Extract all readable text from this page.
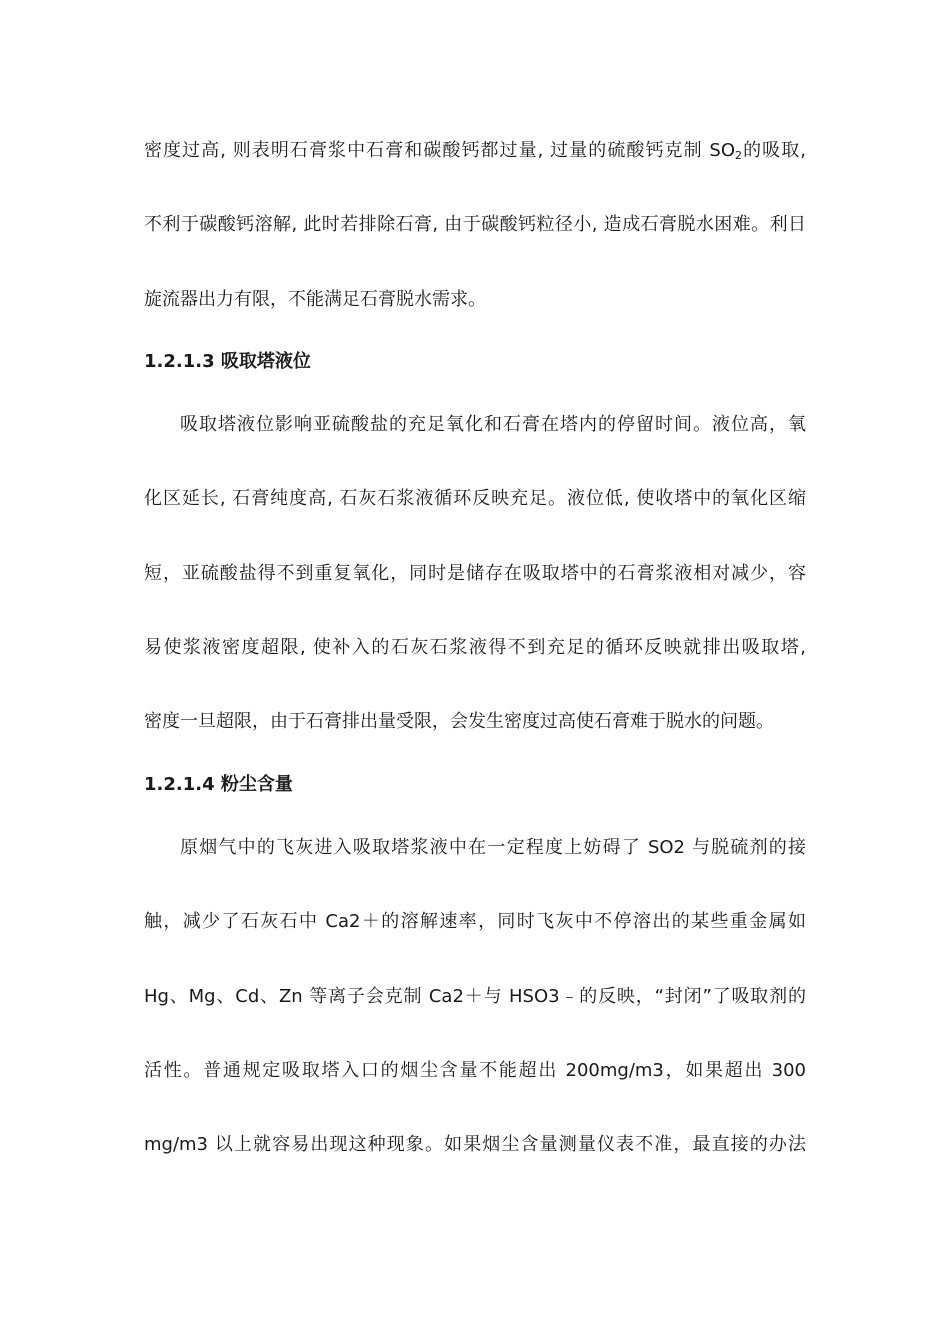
密度过高, 则表明石膏浆中石膏和碳酸钙都过量, 过量的硫酸钙克制 $SO_2$的吸取,
不利于碳酸钙溶解, 此时若排除石膏, 由于碳酸钙粒径小, 造成石膏脱水困难。利日
旋流器出力有限，不能满足石膏脱水需求。
1.2.1.3 吸取塔液位
吸取塔液位影响亚硫酸盐的充足氧化和石膏在塔内的停留时间。液位高，氧
化区延长, 石膏纯度高, 石灰石浆液循环反映充足。液位低, 使收塔中的氧化区缩
短，亚硫酸盐得不到重复氧化，同时是储存在吸取塔中的石膏浆液相对减少，容
易使浆液密度超限, 使补入的石灰石浆液得不到充足的循环反映就排出吸取塔,
密度一旦超限，由于石膏排出量受限，会发生密度过高使石膏难于脱水的问题。
1.2.1.4 粉尘含量
原烟气中的飞灰进入吸取塔浆液中在一定程度上妨碍了 SO2 与脱硫剂的接
触，减少了石灰石中 Ca2＋的溶解速率，同时飞灰中不停溶出的某些重金属如
Hg、Mg、Cd、Zn 等离子会克制 Ca2＋与 HSO3﹣的反映，“封闭”了吸取剂的
活性。普通规定吸取塔入口的烟尘含量不能超出 200mg/m3，如果超出 300
mg/m3 以上就容易出现这种现象。如果烟尘含量测量仪表不准，最直接的办法
